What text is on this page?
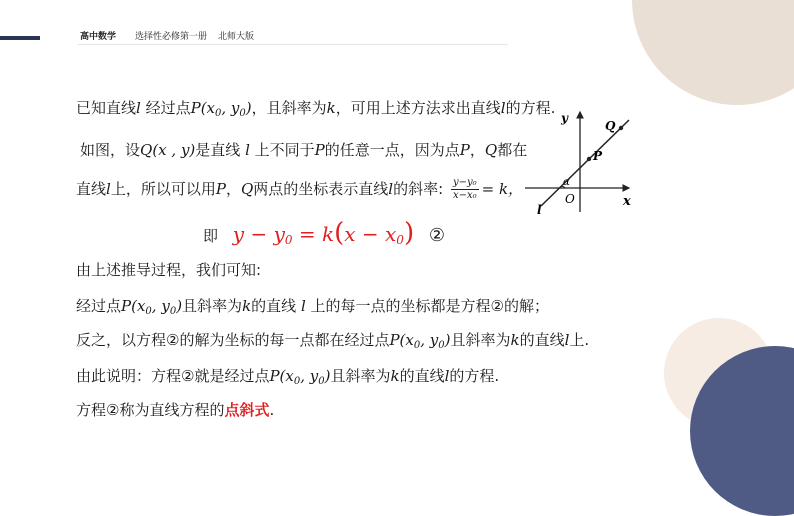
高中数学 选择性必修第一册 北师大版
已知直线l 经过点$P(x_0$, $y_0$)，且斜率为k，可用上述方法求出直线l的方程.
如图，设Q(x , y)是直线 l 上不同于P的任意一点，因为点P，Q都在
直线l上，所以可以用P，Q两点的坐标表示直线l的斜率: $\frac{\text{y−y₀}}{\text{x−x₀}} = k$，
即 $y - y_0 = k(x - x_0)$ ②
由上述推导过程，我们可知:
经过点$P(x_0$, $y_0$)且斜率为k的直线 l 上的每一点的坐标都是方程②的解；
反之，以方程②的解为坐标的每一点都在经过点$P(x_0$, $y_0$)且斜率为k的直线l上.
由此说明：方程②就是经过点$P(x_0$, $y_0$)且斜率为k的直线l的方程.
方程②称为直线方程的点斜式.
y
x
O
Q
P
l
α
